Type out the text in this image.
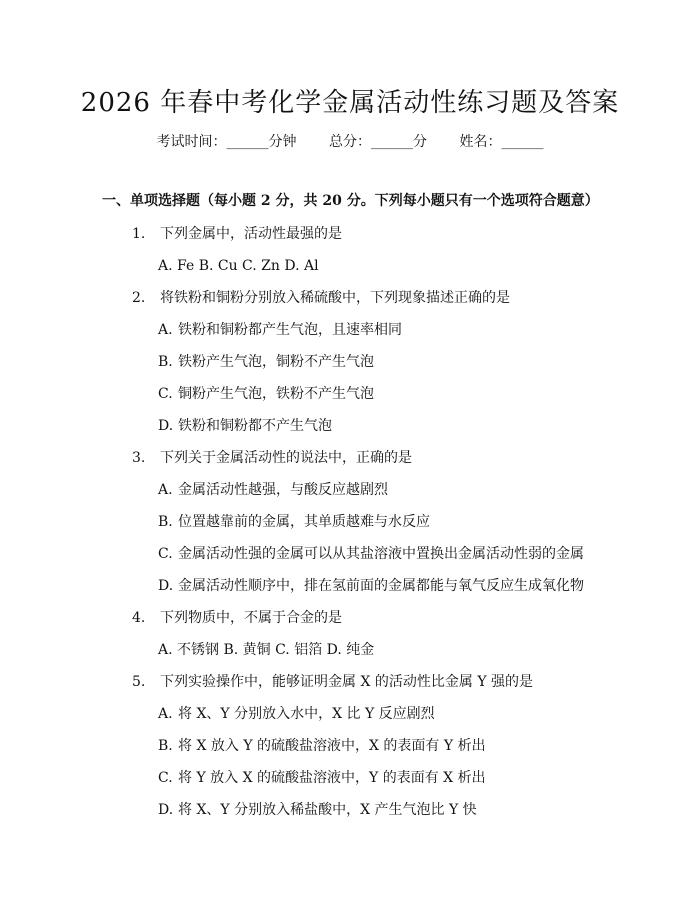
2026 年春中考化学金属活动性练习题及答案
考试时间：______分钟 总分：______分 姓名：______
一、单项选择题（每小题 2 分，共 20 分。下列每小题只有一个选项符合题意）
1. 下列金属中，活动性最强的是
A. Fe B. Cu C. Zn D. Al
2. 将铁粉和铜粉分别放入稀硫酸中，下列现象描述正确的是
A. 铁粉和铜粉都产生气泡，且速率相同
B. 铁粉产生气泡，铜粉不产生气泡
C. 铜粉产生气泡，铁粉不产生气泡
D. 铁粉和铜粉都不产生气泡
3. 下列关于金属活动性的说法中，正确的是
A. 金属活动性越强，与酸反应越剧烈
B. 位置越靠前的金属，其单质越难与水反应
C. 金属活动性强的金属可以从其盐溶液中置换出金属活动性弱的金属
D. 金属活动性顺序中，排在氢前面的金属都能与氧气反应生成氧化物
4. 下列物质中，不属于合金的是
A. 不锈钢 B. 黄铜 C. 铝箔 D. 纯金
5. 下列实验操作中，能够证明金属 X 的活动性比金属 Y 强的是
A. 将 X、Y 分别放入水中，X 比 Y 反应剧烈
B. 将 X 放入 Y 的硫酸盐溶液中，X 的表面有 Y 析出
C. 将 Y 放入 X 的硫酸盐溶液中，Y 的表面有 X 析出
D. 将 X、Y 分别放入稀盐酸中，X 产生气泡比 Y 快
